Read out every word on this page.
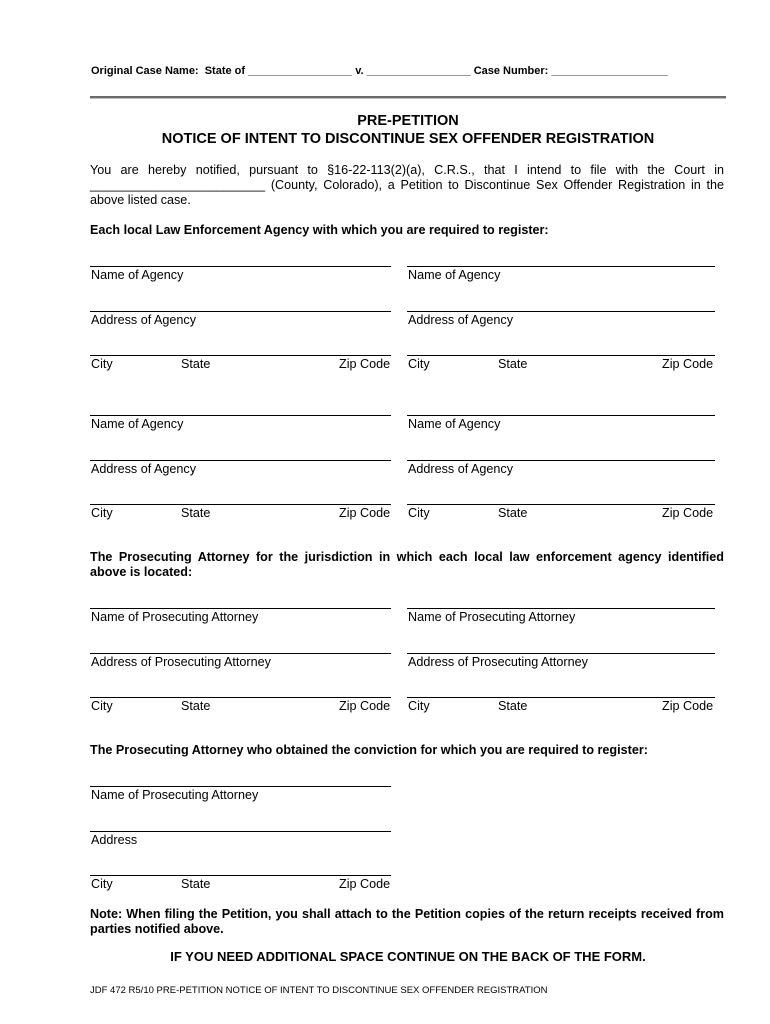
Original Case Name: State of _________________ v. _________________ Case Number: ___________________
PRE-PETITION
NOTICE OF INTENT TO DISCONTINUE SEX OFFENDER REGISTRATION
You are hereby notified, pursuant to §16-22-113(2)(a), C.R.S., that I intend to file with the Court in
_________________________ (County, Colorado), a Petition to Discontinue Sex Offender Registration in the
above listed case.
Each local Law Enforcement Agency with which you are required to register:
Name of Agency	Name of Agency
Address of Agency	Address of Agency
City	State	Zip Code City	State	Zip Code
Name of Agency	Name of Agency
Address of Agency	Address of Agency
City	State	Zip Code City	State	Zip Code
The Prosecuting Attorney for the jurisdiction in which each local law enforcement agency identified above is located:
Name of Prosecuting Attorney	Name of Prosecuting Attorney
Address of Prosecuting Attorney	Address of Prosecuting Attorney
City	State	Zip Code City	State	Zip Code
The Prosecuting Attorney who obtained the conviction for which you are required to register:
Name of Prosecuting Attorney
Address
City	State	Zip Code
Note: When filing the Petition, you shall attach to the Petition copies of the return receipts received from parties notified above.
IF YOU NEED ADDITIONAL SPACE CONTINUE ON THE BACK OF THE FORM.
JDF 472 R5/10 PRE-PETITION NOTICE OF INTENT TO DISCONTINUE SEX OFFENDER REGISTRATION
